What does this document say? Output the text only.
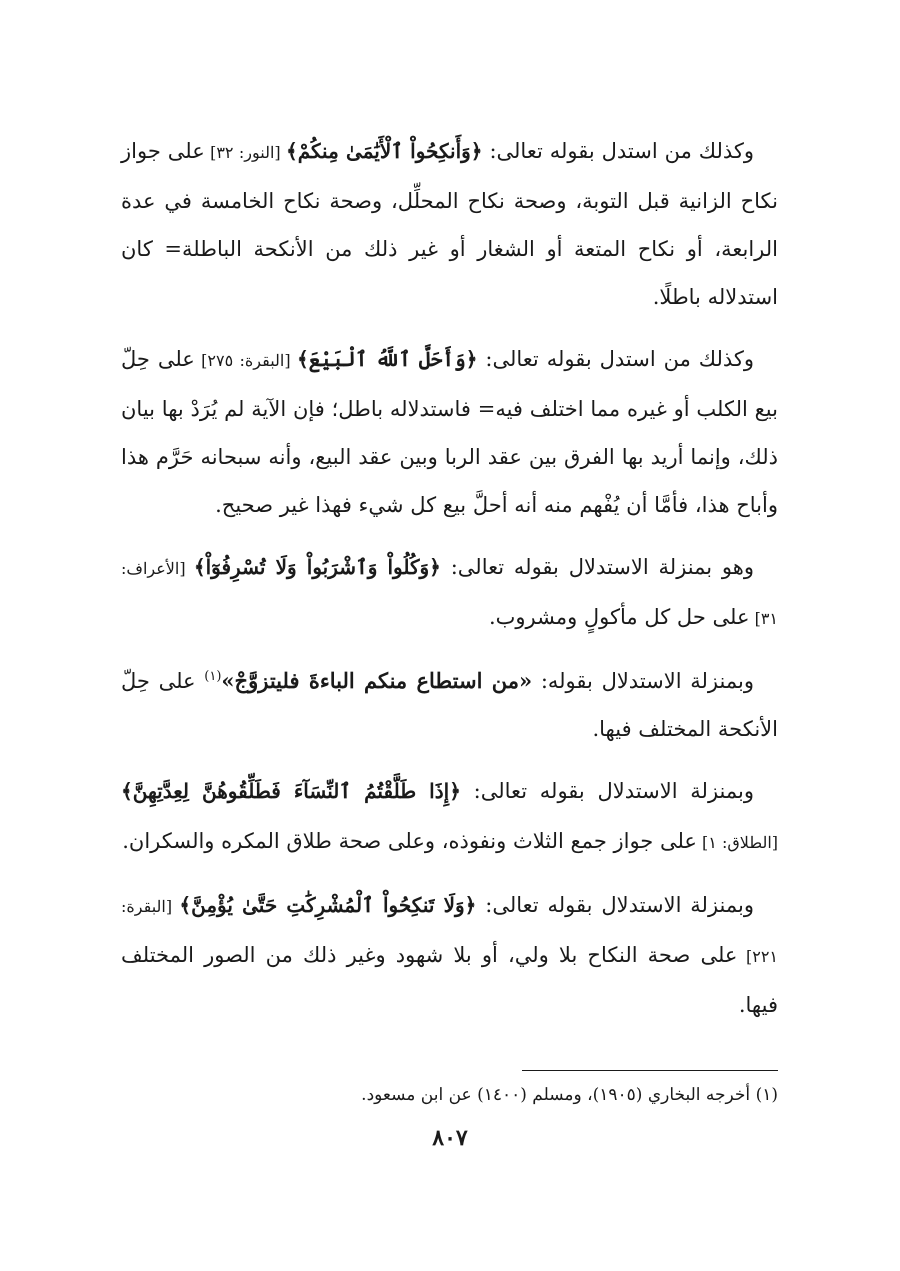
وكذلك من استدل بقوله تعالى: ﴿وَأَنكِحُواْ ٱلْأَيَٰمَىٰ مِنكُمْ﴾ [النور: ٣٢] على جواز نكاح الزانية قبل التوبة، وصحة نكاح المحلِّل، وصحة نكاح الخامسة في عدة الرابعة، أو نكاح المتعة أو الشغار أو غير ذلك من الأنكحة الباطلة= كان استدلاله باطلًا.

وكذلك من استدل بقوله تعالى: ﴿وَأَحَلَّ ٱللَّهُ ٱلْبَيْعَ﴾ [البقرة: ٢٧٥] على حِلّ بيع الكلب أو غيره مما اختلف فيه= فاستدلاله باطل؛ فإن الآية لم يُرَدْ بها بيان ذلك، وإنما أريد بها الفرق بين عقد الربا وبين عقد البيع، وأنه سبحانه حَرَّم هذا وأباح هذا، فأمَّا أن يُفْهم منه أنه أحلَّ بيع كل شيء فهذا غير صحيح.

وهو بمنزلة الاستدلال بقوله تعالى: ﴿وَكُلُواْ وَٱشْرَبُواْ وَلَا تُسْرِفُوٓاْ﴾ [الأعراف: ٣١] على حل كل مأكولٍ ومشروب.

وبمنزلة الاستدلال بقوله: «من استطاع منكم الباءةَ فليتزوَّجْ»$^{(١)}$ على حِلّ الأنكحة المختلف فيها.

وبمنزلة الاستدلال بقوله تعالى: ﴿إِذَا طَلَّقْتُمُ ٱلنِّسَآءَ فَطَلِّقُوهُنَّ لِعِدَّتِهِنَّ﴾ [الطلاق: ١] على جواز جمع الثلاث ونفوذه، وعلى صحة طلاق المكره والسكران.

وبمنزلة الاستدلال بقوله تعالى: ﴿وَلَا تَنكِحُواْ ٱلْمُشْرِكَٰتِ حَتَّىٰ يُؤْمِنَّ﴾ [البقرة: ٢٢١] على صحة النكاح بلا ولي، أو بلا شهود وغير ذلك من الصور المختلف فيها.

(١) أخرجه البخاري (١٩٠٥)، ومسلم (١٤٠٠) عن ابن مسعود.
٨٠٧
